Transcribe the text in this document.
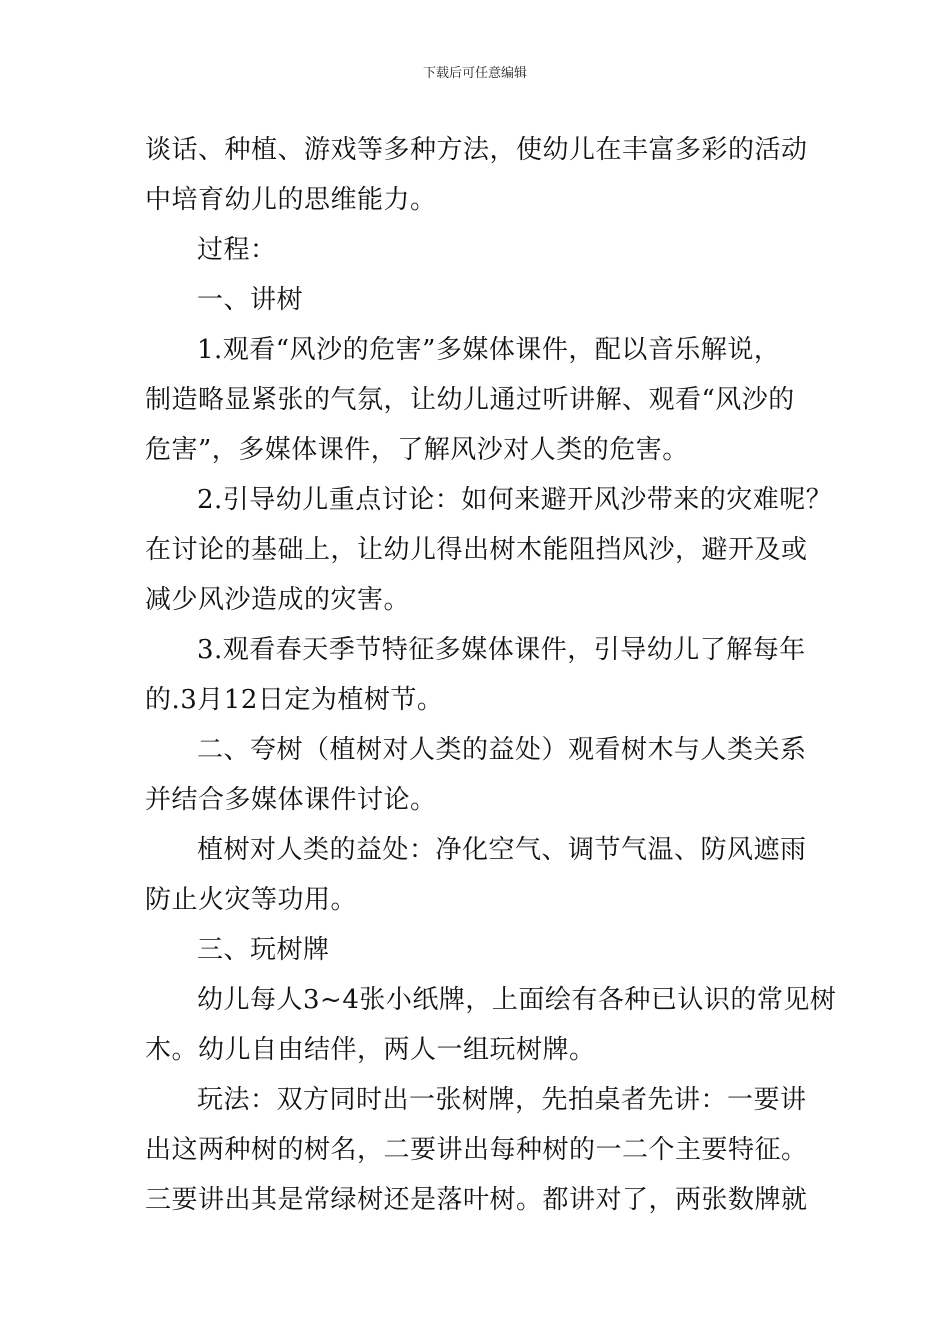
下载后可任意编辑
谈话、种植、游戏等多种方法，使幼儿在丰富多彩的活动
中培育幼儿的思维能力。
过程：
一、讲树
1.观看“风沙的危害”多媒体课件，配以音乐解说，
制造略显紧张的气氛，让幼儿通过听讲解、观看“风沙的
危害”，多媒体课件，了解风沙对人类的危害。
2.引导幼儿重点讨论：如何来避开风沙带来的灾难呢？
在讨论的基础上，让幼儿得出树木能阻挡风沙，避开及或
减少风沙造成的灾害。
3.观看春天季节特征多媒体课件，引导幼儿了解每年
的.3月12日定为植树节。
二、夸树（植树对人类的益处）观看树木与人类关系
并结合多媒体课件讨论。
植树对人类的益处：净化空气、调节气温、防风遮雨
防止火灾等功用。
三、玩树牌
幼儿每人3~4张小纸牌，上面绘有各种已认识的常见树
木。幼儿自由结伴，两人一组玩树牌。
玩法：双方同时出一张树牌，先拍桌者先讲：一要讲
出这两种树的树名，二要讲出每种树的一二个主要特征。
三要讲出其是常绿树还是落叶树。都讲对了，两张数牌就
